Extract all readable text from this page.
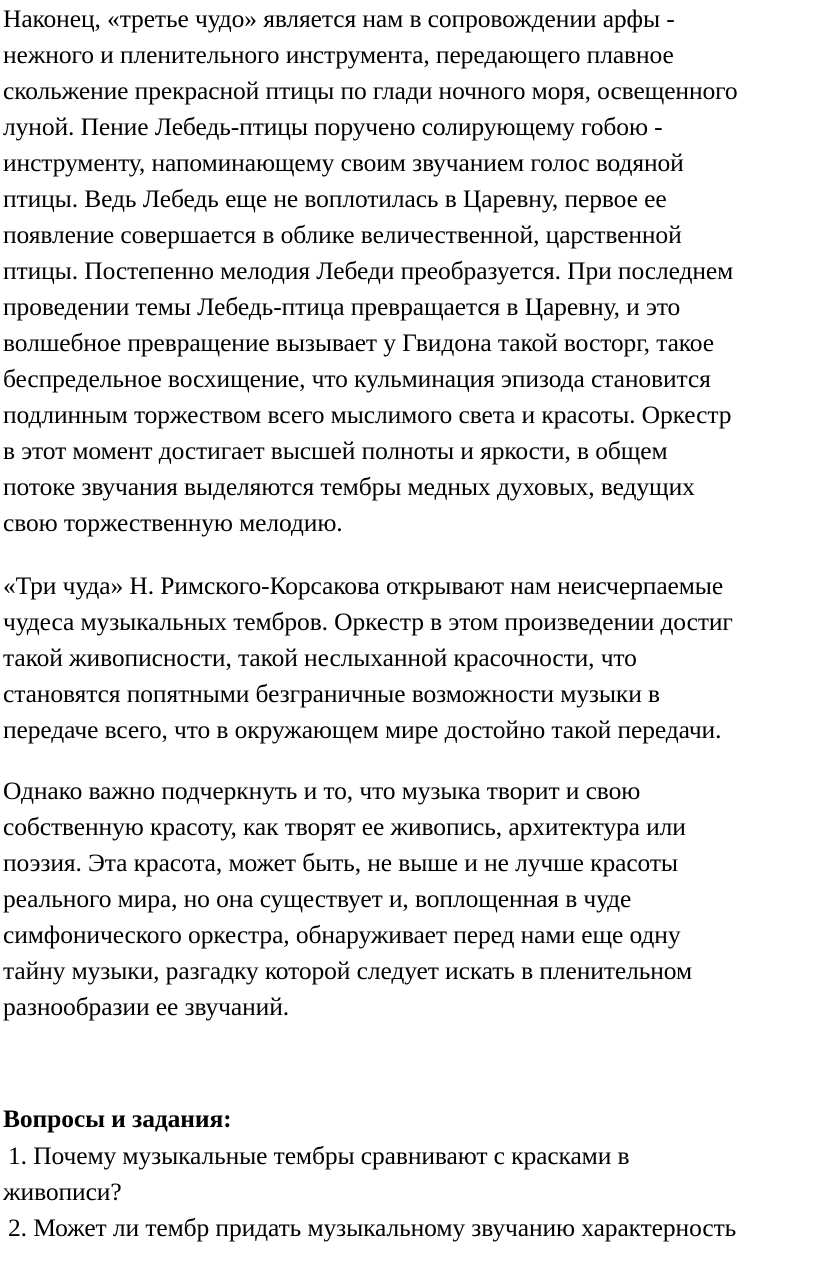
Наконец, «третье чудо» является нам в сопровождении арфы -
нежного и пленительного инструмента, передающего плавное
скольжение прекрасной птицы по глади ночного моря, освещенного
луной. Пение Лебедь-птицы поручено солирующему гобою -
инструменту, напоминающему своим звучанием голос водяной
птицы. Ведь Лебедь еще не воплотилась в Царевну, первое ее
появление совершается в облике величественной, царственной
птицы. Постепенно мелодия Лебеди преобразуется. При последнем
проведении темы Лебедь-птица превращается в Царевну, и это
волшебное превращение вызывает у Гвидона такой восторг, такое
беспредельное восхищение, что кульминация эпизода становится
подлинным торжеством всего мыслимого света и красоты. Оркестр
в этот момент достигает высшей полноты и яркости, в общем
потоке звучания выделяются тембры медных духовых, ведущих
свою торжественную мелодию.
«Три чуда» Н. Римского-Корсакова открывают нам неисчерпаемые
чудеса музыкальных тембров. Оркестр в этом произведении достиг
такой живописности, такой неслыханной красочности, что
становятся попятными безграничные возможности музыки в
передаче всего, что в окружающем мире достойно такой передачи.
Однако важно подчеркнуть и то, что музыка творит и свою
собственную красоту, как творят ее живопись, архитектура или
поэзия. Эта красота, может быть, не выше и не лучше красоты
реального мира, но она существует и, воплощенная в чуде
симфонического оркестра, обнаруживает перед нами еще одну
тайну музыки, разгадку которой следует искать в пленительном
разнообразии ее звучаний.
Вопросы и задания:
1. Почему музыкальные тембры сравнивают с красками в
живописи?
2. Может ли тембр придать музыкальному звучанию характерность
